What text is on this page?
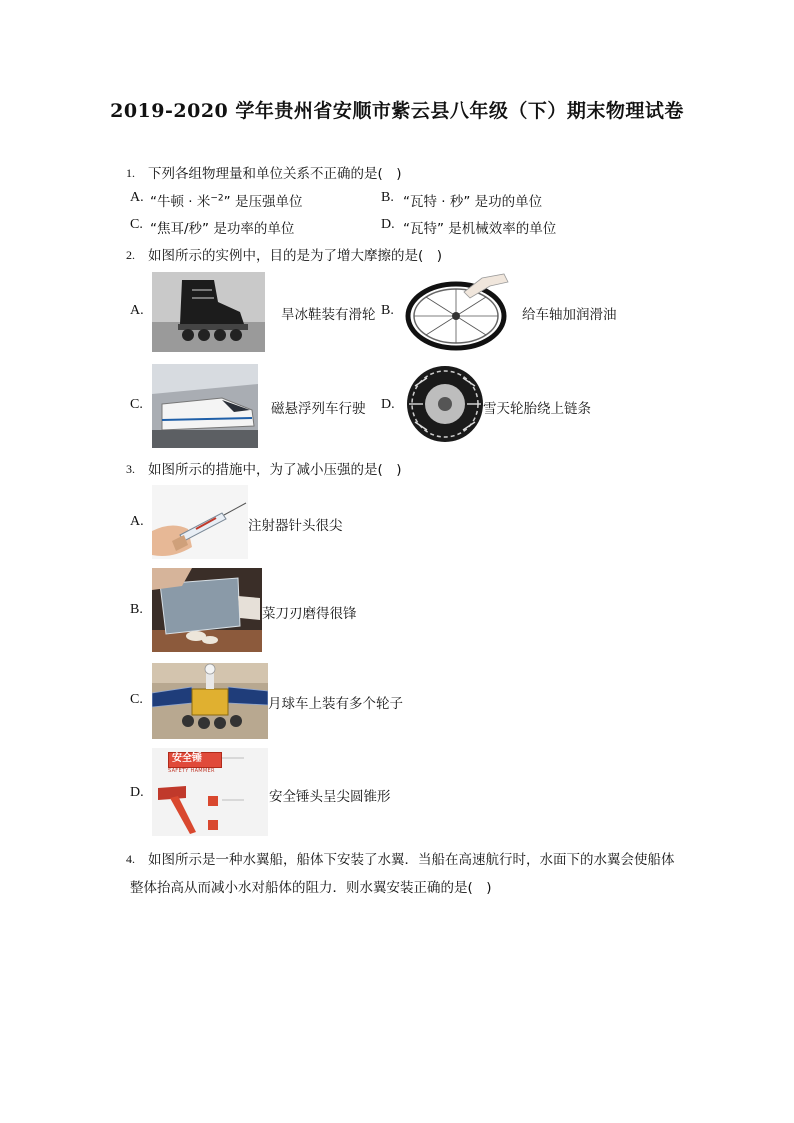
2019-2020 学年贵州省安顺市紫云县八年级（下）期末物理试卷
1. 下列各组物理量和单位关系不正确的是(　)
A. “牛顿 · 米$^{-2}$” 是压强单位	B. “瓦特 · 秒” 是功的单位
C. “焦耳/秒” 是功率的单位	D. “瓦特” 是机械效率的单位
2. 如图所示的实例中，目的是为了增大摩擦的是(　)
A.	旱冰鞋装有滑轮 B.	给车轴加润滑油
C.	磁悬浮列车行驶 D.	雪天轮胎绕上链条
3. 如图所示的措施中，为了减小压强的是(　)
A.	注射器针头很尖
B.	菜刀刃磨得很锋
C.	月球车上装有多个轮子
D.
安全锤
SAFETY HAMMER
安全锤头呈尖圆锥形
4. 如图所示是一种水翼船，船体下安装了水翼．当船在高速航行时，水面下的水翼会使船体
整体抬高从而减小水对船体的阻力．则水翼安装正确的是(　)
